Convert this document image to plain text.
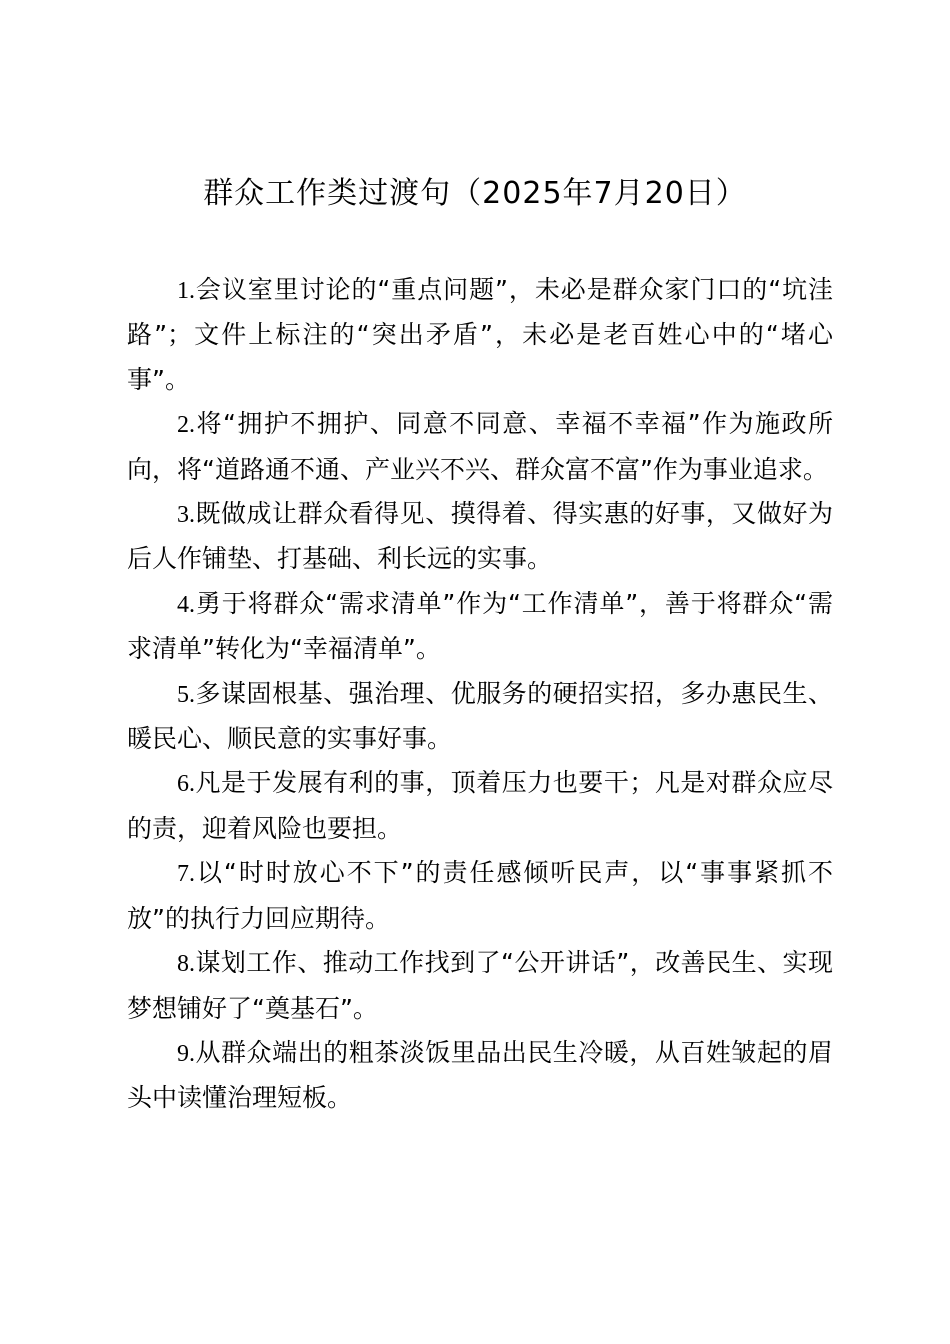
群众工作类过渡句（2025年7月20日）

1.会议室里讨论的“重点问题”，未必是群众家门口的“坑洼路”；文件上标注的“突出矛盾”，未必是老百姓心中的“堵心事”。

2.将“拥护不拥护、同意不同意、幸福不幸福”作为施政所向，将“道路通不通、产业兴不兴、群众富不富”作为事业追求。

3.既做成让群众看得见、摸得着、得实惠的好事，又做好为后人作铺垫、打基础、利长远的实事。

4.勇于将群众“需求清单”作为“工作清单”，善于将群众“需求清单”转化为“幸福清单”。

5.多谋固根基、强治理、优服务的硬招实招，多办惠民生、暖民心、顺民意的实事好事。

6.凡是于发展有利的事，顶着压力也要干；凡是对群众应尽的责，迎着风险也要担。

7.以“时时放心不下”的责任感倾听民声，以“事事紧抓不放”的执行力回应期待。

8.谋划工作、推动工作找到了“公开讲话”，改善民生、实现梦想铺好了“奠基石”。

9.从群众端出的粗茶淡饭里品出民生冷暖，从百姓皱起的眉头中读懂治理短板。
